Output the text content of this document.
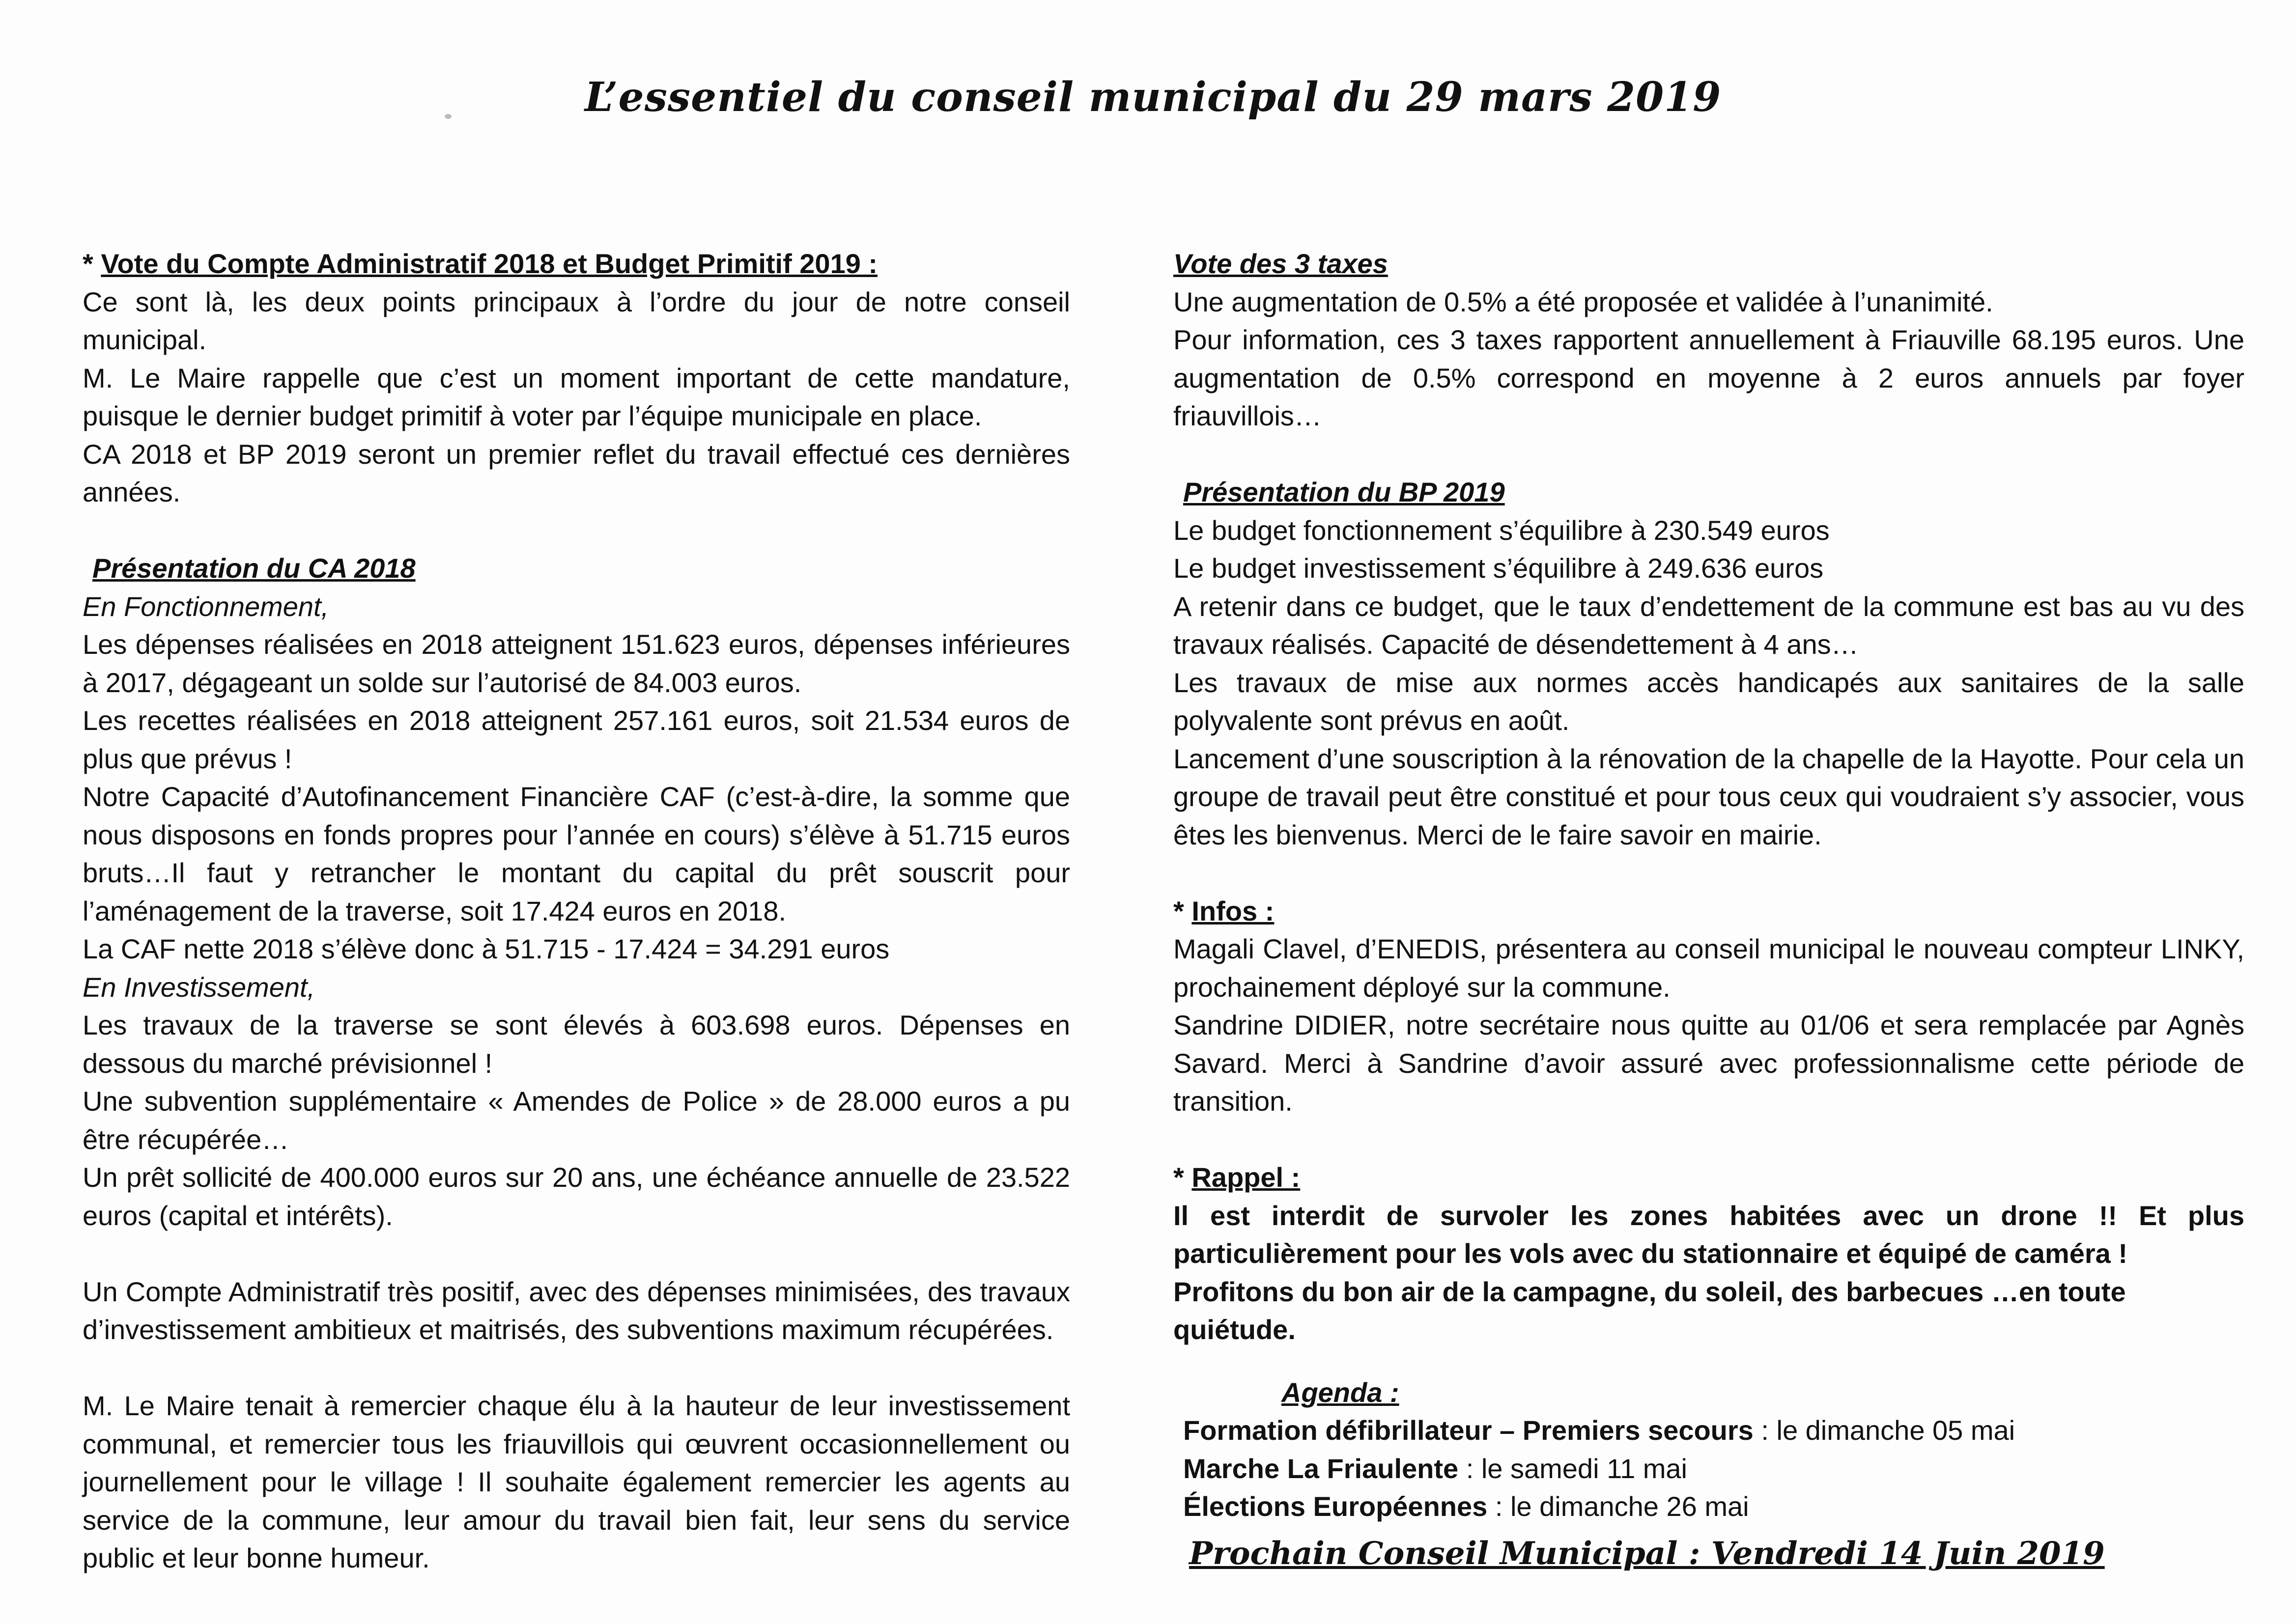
L’essentiel du conseil municipal du 29 mars 2019

* Vote du Compte Administratif 2018 et Budget Primitif 2019 :

Ce sont là, les deux points principaux à l’ordre du jour de notre conseil municipal.

M. Le Maire rappelle que c’est un moment important de cette mandature, puisque le dernier budget primitif à voter par l’équipe municipale en place.

CA 2018 et BP 2019 seront un premier reflet du travail effectué ces dernières années.

Présentation du CA 2018

En Fonctionnement,

Les dépenses réalisées en 2018 atteignent 151.623 euros, dépenses inférieures à 2017, dégageant un solde sur l’autorisé de 84.003 euros.

Les recettes réalisées en 2018 atteignent 257.161 euros, soit 21.534 euros de plus que prévus !

Notre Capacité d’Autofinancement Financière CAF (c’est-à-dire, la somme que nous disposons en fonds propres pour l’année en cours) s’élève à 51.715 euros bruts…Il faut y retrancher le montant du capital du prêt souscrit pour l’aménagement de la traverse, soit 17.424 euros en 2018.

La CAF nette 2018 s’élève donc à 51.715 - 17.424 = 34.291 euros

En Investissement,

Les travaux de la traverse se sont élevés à 603.698 euros. Dépenses en dessous du marché prévisionnel !

Une subvention supplémentaire « Amendes de Police » de 28.000 euros a pu être récupérée…

Un prêt sollicité de 400.000 euros sur 20 ans, une échéance annuelle de 23.522 euros (capital et intérêts).

Un Compte Administratif très positif, avec des dépenses minimisées, des travaux d’investissement ambitieux et maitrisés, des subventions maximum récupérées.

M. Le Maire tenait à remercier chaque élu à la hauteur de leur investissement communal, et remercier tous les friauvillois qui œuvrent occasionnellement ou journellement pour le village ! Il souhaite également remercier les agents au service de la commune, leur amour du travail bien fait, leur sens du service public et leur bonne humeur.

Vote des 3 taxes

Une augmentation de 0.5% a été proposée et validée à l’unanimité.

Pour information, ces 3 taxes rapportent annuellement à Friauville 68.195 euros. Une augmentation de 0.5% correspond en moyenne à 2 euros annuels par foyer friauvillois…

Présentation du BP 2019

Le budget fonctionnement s’équilibre à 230.549 euros

Le budget investissement s’équilibre à 249.636 euros

A retenir dans ce budget, que le taux d’endettement de la commune est bas au vu des travaux réalisés. Capacité de désendettement à 4 ans…

Les travaux de mise aux normes accès handicapés aux sanitaires de la salle polyvalente sont prévus en août.

Lancement d’une souscription à la rénovation de la chapelle de la Hayotte. Pour cela un groupe de travail peut être constitué et pour tous ceux qui voudraient s’y associer, vous êtes les bienvenus. Merci de le faire savoir en mairie.

* Infos :

Magali Clavel, d’ENEDIS, présentera au conseil municipal le nouveau compteur LINKY, prochainement déployé sur la commune.

Sandrine DIDIER, notre secrétaire nous quitte au 01/06 et sera remplacée par Agnès Savard. Merci à Sandrine d’avoir assuré avec professionnalisme cette période de transition.

* Rappel :

Il est interdit de survoler les zones habitées avec un drone !! Et plus particulièrement pour les vols avec du stationnaire et équipé de caméra !

Profitons du bon air de la campagne, du soleil, des barbecues …en toute quiétude.

Agenda :

Formation défibrillateur – Premiers secours : le dimanche 05 mai

Marche La Friaulente : le samedi 11 mai

Élections Européennes : le dimanche 26 mai

Prochain Conseil Municipal : Vendredi 14 Juin 2019
